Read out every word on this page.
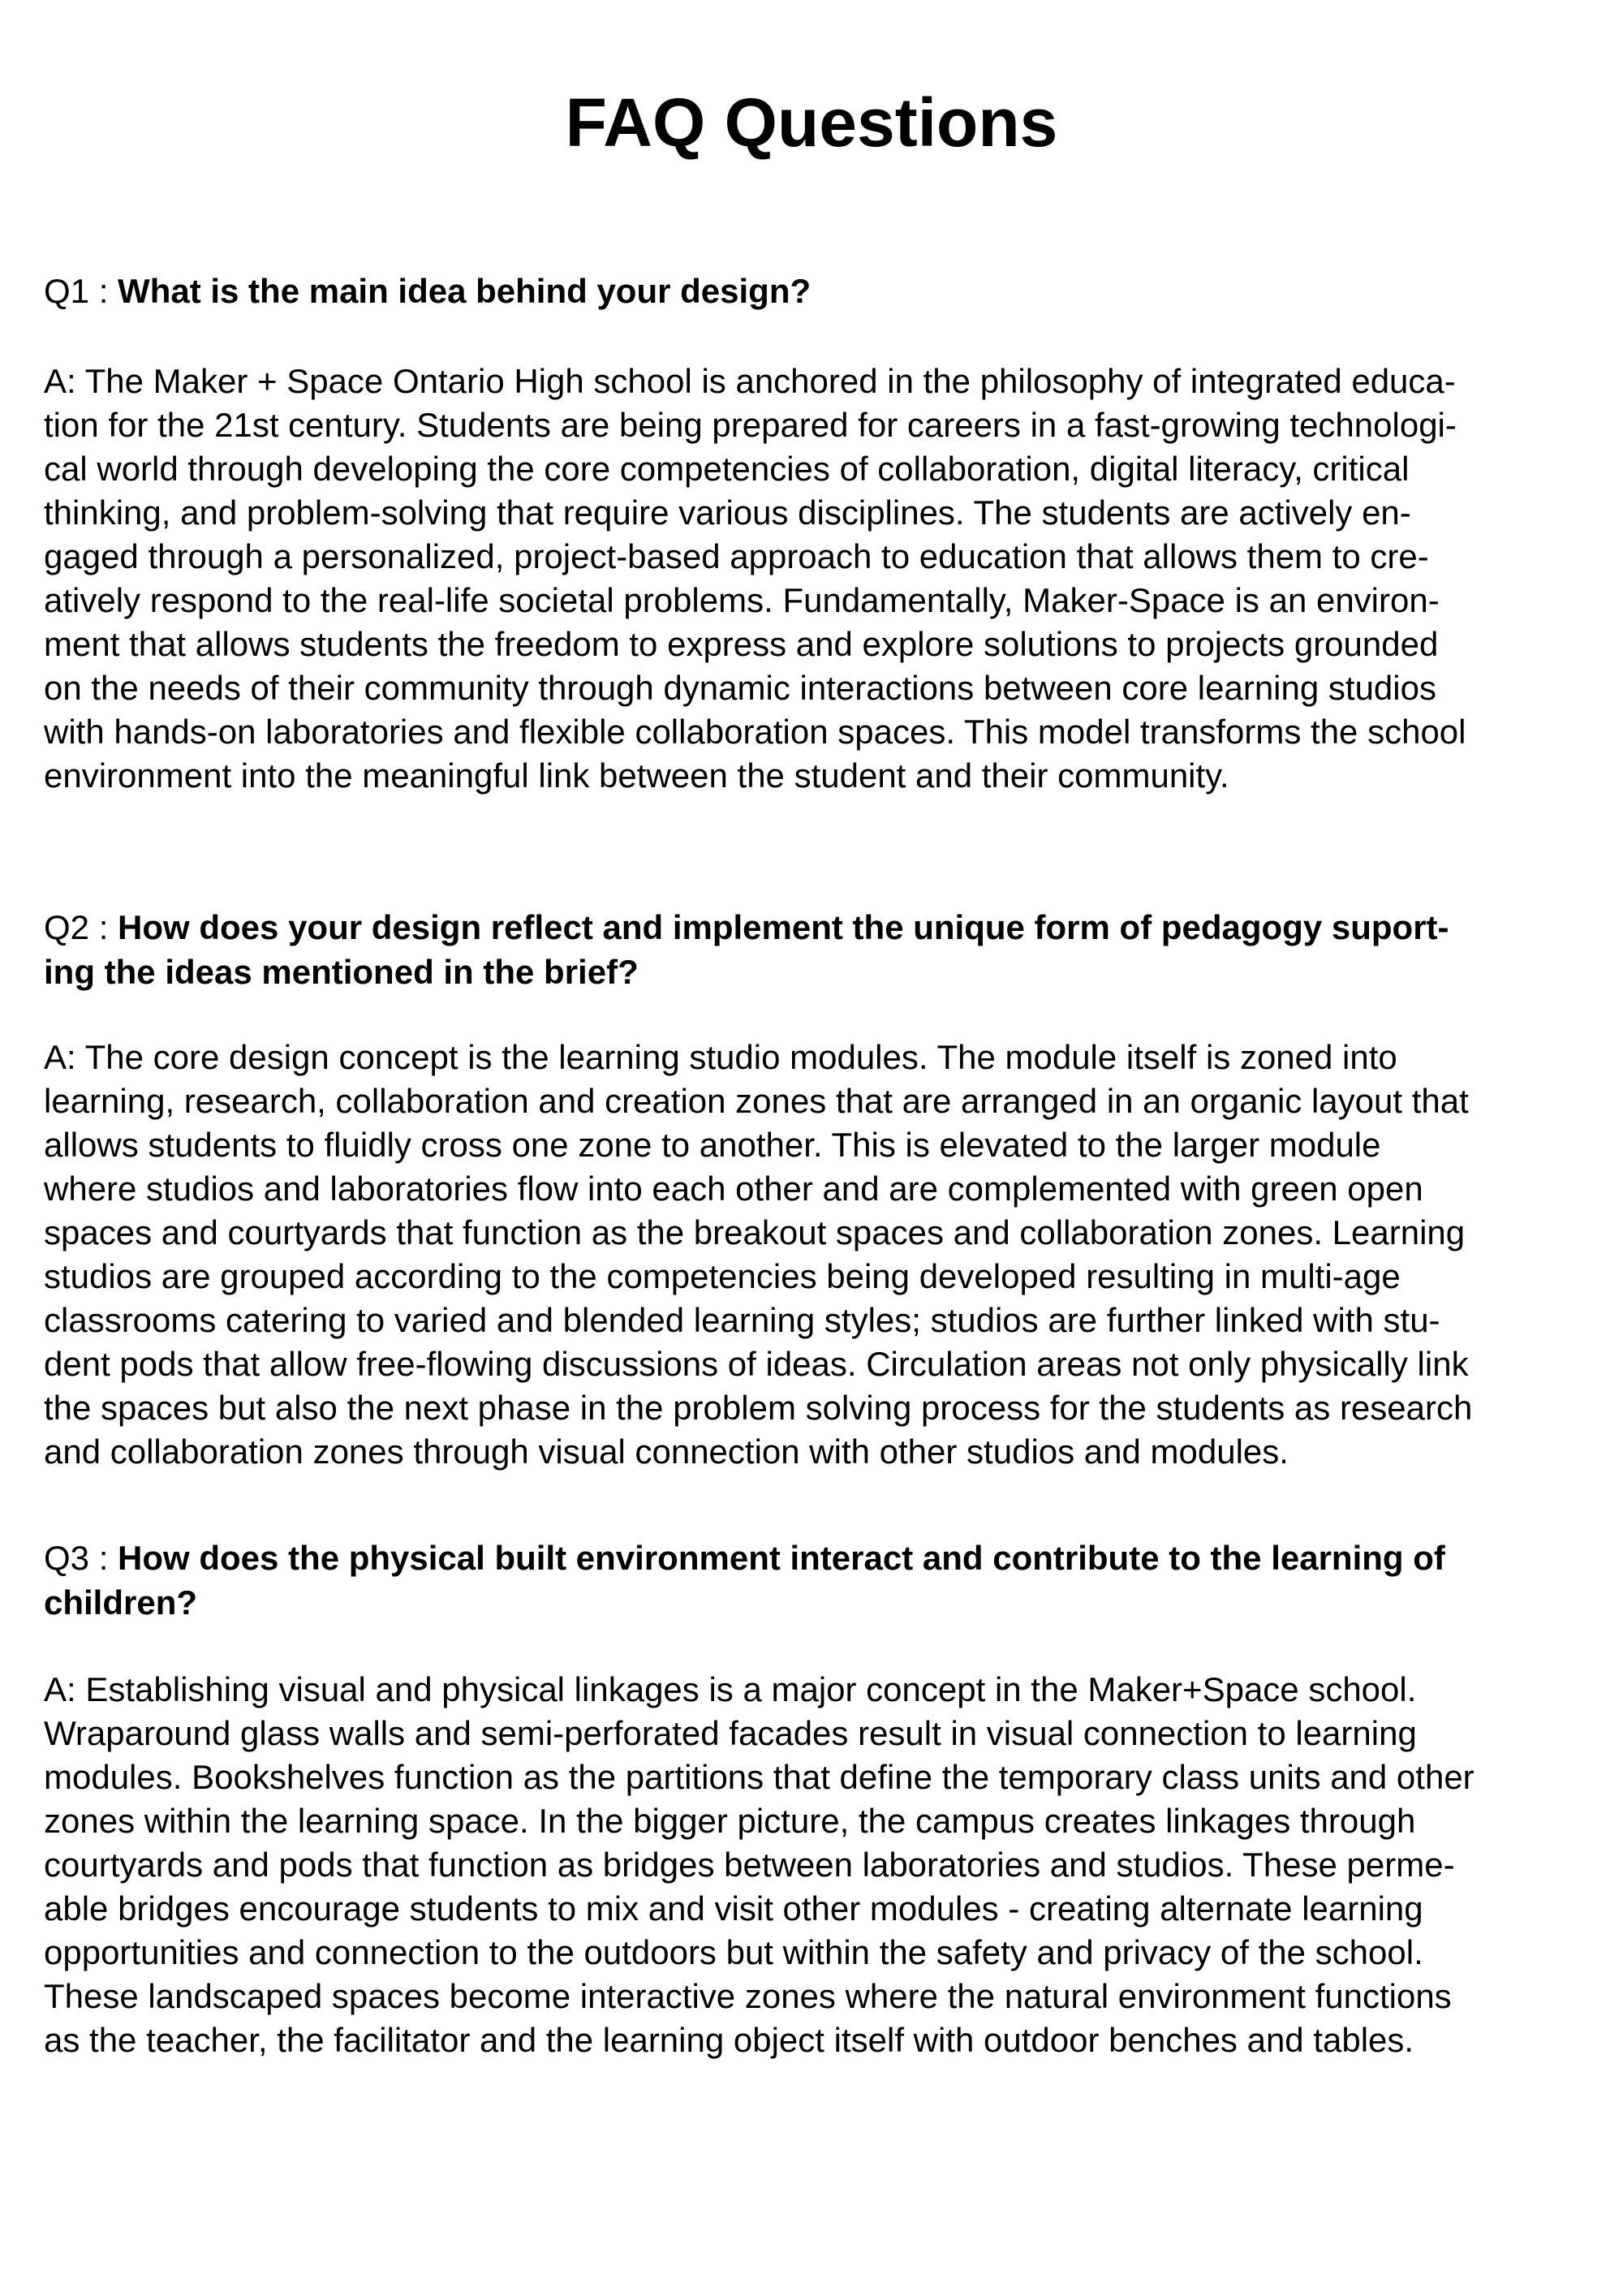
FAQ Questions
Q1 : What is the main idea behind your design?
A: The Maker + Space Ontario High school is anchored in the philosophy of integrated educa-
tion for the 21st century. Students are being prepared for careers in a fast-growing technologi-
cal world through developing the core competencies of collaboration, digital literacy, critical
thinking, and problem-solving that require various disciplines. The students are actively en-
gaged through a personalized, project-based approach to education that allows them to cre-
atively respond to the real-life societal problems. Fundamentally, Maker-Space is an environ-
ment that allows students the freedom to express and explore solutions to projects grounded
on the needs of their community through dynamic interactions between core learning studios
with hands-on laboratories and flexible collaboration spaces. This model transforms the school
environment into the meaningful link between the student and their community.
Q2 : How does your design reflect and implement the unique form of pedagogy suport-
ing the ideas mentioned in the brief?
A: The core design concept is the learning studio modules. The module itself is zoned into
learning, research, collaboration and creation zones that are arranged in an organic layout that
allows students to fluidly cross one zone to another. This is elevated to the larger module
where studios and laboratories flow into each other and are complemented with green open
spaces and courtyards that function as the breakout spaces and collaboration zones. Learning
studios are grouped according to the competencies being developed resulting in multi-age
classrooms catering to varied and blended learning styles; studios are further linked with stu-
dent pods that allow free-flowing discussions of ideas. Circulation areas not only physically link
the spaces but also the next phase in the problem solving process for the students as research
and collaboration zones through visual connection with other studios and modules.
Q3 : How does the physical built environment interact and contribute to the learning of
children?
A: Establishing visual and physical linkages is a major concept in the Maker+Space school.
Wraparound glass walls and semi-perforated facades result in visual connection to learning
modules. Bookshelves function as the partitions that define the temporary class units and other
zones within the learning space. In the bigger picture, the campus creates linkages through
courtyards and pods that function as bridges between laboratories and studios. These perme-
able bridges encourage students to mix and visit other modules - creating alternate learning
opportunities and connection to the outdoors but within the safety and privacy of the school.
These landscaped spaces become interactive zones where the natural environment functions
as the teacher, the facilitator and the learning object itself with outdoor benches and tables.
